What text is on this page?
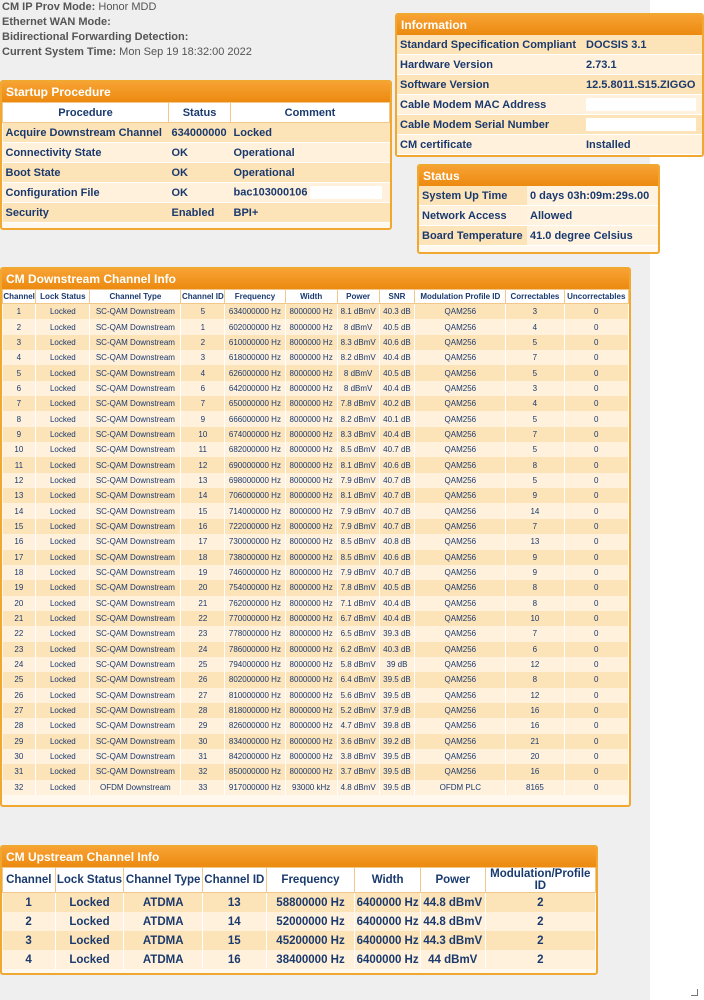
CM IP Prov Mode: Honor MDD
Ethernet WAN Mode:
Bidirectional Forwarding Detection:
Current System Time: Mon Sep 19 18:32:00 2022
Information
Standard Specification Compliant	DOCSIS 3.1
Hardware Version	2.73.1
Software Version	12.5.8011.S15.ZIGGO
Cable Modem MAC Address	
Cable Modem Serial Number	
CM certificate	Installed
Startup Procedure
Procedure	Status	Comment
Acquire Downstream Channel	634000000	Locked
Connectivity State	OK	Operational
Boot State	OK	Operational
Configuration File	OK	bac103000106
Security	Enabled	BPI+
Status
System Up Time	0 days 03h:09m:29s.00
Network Access	Allowed
Board Temperature	41.0 degree Celsius
CM Downstream Channel Info
Channel	Lock Status	Channel Type	Channel ID	Frequency	Width	Power	SNR	Modulation Profile ID	Correctables	Uncorrectables
1	Locked	SC-QAM Downstream	5	634000000 Hz	8000000 Hz	8.1 dBmV	40.3 dB	QAM256	3	0
2	Locked	SC-QAM Downstream	1	602000000 Hz	8000000 Hz	8 dBmV	40.5 dB	QAM256	4	0
3	Locked	SC-QAM Downstream	2	610000000 Hz	8000000 Hz	8.3 dBmV	40.6 dB	QAM256	5	0
4	Locked	SC-QAM Downstream	3	618000000 Hz	8000000 Hz	8.2 dBmV	40.4 dB	QAM256	7	0
5	Locked	SC-QAM Downstream	4	626000000 Hz	8000000 Hz	8 dBmV	40.5 dB	QAM256	5	0
6	Locked	SC-QAM Downstream	6	642000000 Hz	8000000 Hz	8 dBmV	40.4 dB	QAM256	3	0
7	Locked	SC-QAM Downstream	7	650000000 Hz	8000000 Hz	7.8 dBmV	40.2 dB	QAM256	4	0
8	Locked	SC-QAM Downstream	9	666000000 Hz	8000000 Hz	8.2 dBmV	40.1 dB	QAM256	5	0
9	Locked	SC-QAM Downstream	10	674000000 Hz	8000000 Hz	8.3 dBmV	40.4 dB	QAM256	7	0
10	Locked	SC-QAM Downstream	11	682000000 Hz	8000000 Hz	8.5 dBmV	40.7 dB	QAM256	5	0
11	Locked	SC-QAM Downstream	12	690000000 Hz	8000000 Hz	8.1 dBmV	40.6 dB	QAM256	8	0
12	Locked	SC-QAM Downstream	13	698000000 Hz	8000000 Hz	7.9 dBmV	40.7 dB	QAM256	5	0
13	Locked	SC-QAM Downstream	14	706000000 Hz	8000000 Hz	8.1 dBmV	40.7 dB	QAM256	9	0
14	Locked	SC-QAM Downstream	15	714000000 Hz	8000000 Hz	7.9 dBmV	40.7 dB	QAM256	14	0
15	Locked	SC-QAM Downstream	16	722000000 Hz	8000000 Hz	7.9 dBmV	40.7 dB	QAM256	7	0
16	Locked	SC-QAM Downstream	17	730000000 Hz	8000000 Hz	8.5 dBmV	40.8 dB	QAM256	13	0
17	Locked	SC-QAM Downstream	18	738000000 Hz	8000000 Hz	8.5 dBmV	40.6 dB	QAM256	9	0
18	Locked	SC-QAM Downstream	19	746000000 Hz	8000000 Hz	7.9 dBmV	40.7 dB	QAM256	9	0
19	Locked	SC-QAM Downstream	20	754000000 Hz	8000000 Hz	7.8 dBmV	40.5 dB	QAM256	8	0
20	Locked	SC-QAM Downstream	21	762000000 Hz	8000000 Hz	7.1 dBmV	40.4 dB	QAM256	8	0
21	Locked	SC-QAM Downstream	22	770000000 Hz	8000000 Hz	6.7 dBmV	40.4 dB	QAM256	10	0
22	Locked	SC-QAM Downstream	23	778000000 Hz	8000000 Hz	6.5 dBmV	39.3 dB	QAM256	7	0
23	Locked	SC-QAM Downstream	24	786000000 Hz	8000000 Hz	6.2 dBmV	40.3 dB	QAM256	6	0
24	Locked	SC-QAM Downstream	25	794000000 Hz	8000000 Hz	5.8 dBmV	39 dB	QAM256	12	0
25	Locked	SC-QAM Downstream	26	802000000 Hz	8000000 Hz	6.4 dBmV	39.5 dB	QAM256	8	0
26	Locked	SC-QAM Downstream	27	810000000 Hz	8000000 Hz	5.6 dBmV	39.5 dB	QAM256	12	0
27	Locked	SC-QAM Downstream	28	818000000 Hz	8000000 Hz	5.2 dBmV	37.9 dB	QAM256	16	0
28	Locked	SC-QAM Downstream	29	826000000 Hz	8000000 Hz	4.7 dBmV	39.8 dB	QAM256	16	0
29	Locked	SC-QAM Downstream	30	834000000 Hz	8000000 Hz	3.6 dBmV	39.2 dB	QAM256	21	0
30	Locked	SC-QAM Downstream	31	842000000 Hz	8000000 Hz	3.8 dBmV	39.5 dB	QAM256	20	0
31	Locked	SC-QAM Downstream	32	850000000 Hz	8000000 Hz	3.7 dBmV	39.5 dB	QAM256	16	0
32	Locked	OFDM Downstream	33	917000000 Hz	93000 kHz	4.8 dBmV	39.5 dB	OFDM PLC	8165	0
CM Upstream Channel Info
Channel	Lock Status	Channel Type	Channel ID	Frequency	Width	Power	Modulation/Profile ID
1	Locked	ATDMA	13	58800000 Hz	6400000 Hz	44.8 dBmV	2
2	Locked	ATDMA	14	52000000 Hz	6400000 Hz	44.8 dBmV	2
3	Locked	ATDMA	15	45200000 Hz	6400000 Hz	44.3 dBmV	2
4	Locked	ATDMA	16	38400000 Hz	6400000 Hz	44 dBmV	2
